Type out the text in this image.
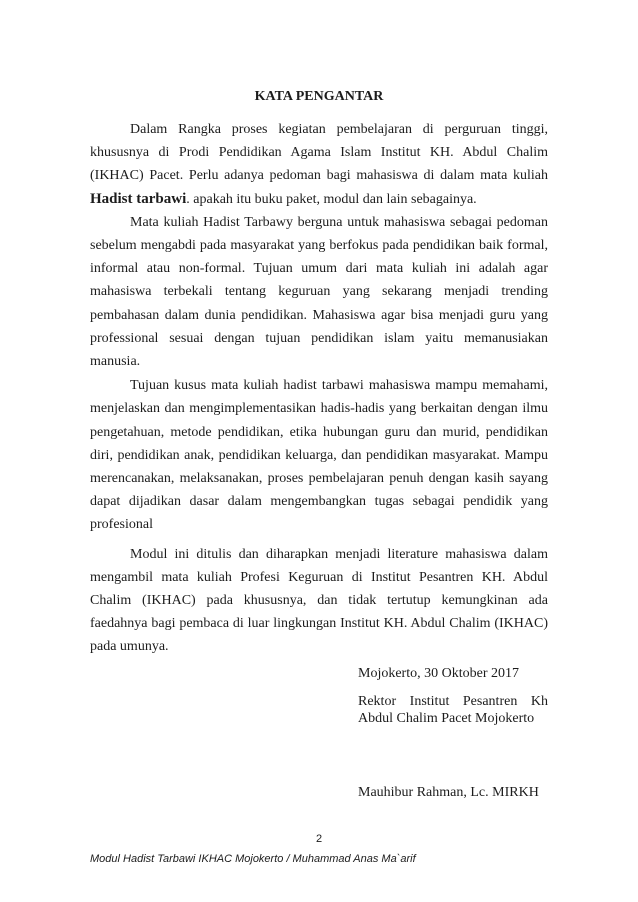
KATA PENGANTAR

Dalam Rangka proses kegiatan pembelajaran di perguruan tinggi, khususnya di Prodi Pendidikan Agama Islam Institut KH. Abdul Chalim (IKHAC) Pacet. Perlu adanya pedoman bagi mahasiswa di dalam mata kuliah Hadist tarbawi. apakah itu buku paket, modul dan lain sebagainya.

Mata kuliah Hadist Tarbawy berguna untuk mahasiswa sebagai pedoman sebelum mengabdi pada masyarakat yang berfokus pada pendidikan baik formal, informal atau non-formal. Tujuan umum dari mata kuliah ini adalah agar mahasiswa terbekali tentang keguruan yang sekarang menjadi trending pembahasan dalam dunia pendidikan. Mahasiswa agar bisa menjadi guru yang professional sesuai dengan tujuan pendidikan islam yaitu memanusiakan manusia.

Tujuan kusus mata kuliah hadist tarbawi mahasiswa mampu memahami, menjelaskan dan mengimplementasikan hadis-hadis yang berkaitan dengan ilmu pengetahuan, metode pendidikan, etika hubungan guru dan murid, pendidikan diri, pendidikan anak, pendidikan keluarga, dan pendidikan masyarakat. Mampu merencanakan, melaksanakan, proses pembelajaran penuh dengan kasih sayang dapat dijadikan dasar dalam mengembangkan tugas sebagai pendidik yang profesional

Modul ini ditulis dan diharapkan menjadi literature mahasiswa dalam mengambil mata kuliah Profesi Keguruan di Institut Pesantren KH. Abdul Chalim (IKHAC) pada khususnya, dan tidak tertutup kemungkinan ada faedahnya bagi pembaca di luar lingkungan Institut KH. Abdul Chalim (IKHAC) pada umunya.

Mojokerto, 30 Oktober 2017
Rektor Institut Pesantren Kh
Abdul Chalim Pacet Mojokerto
Mauhibur Rahman, Lc. MIRKH
2
Modul Hadist Tarbawi IKHAC Mojokerto / Muhammad Anas Ma`arif
